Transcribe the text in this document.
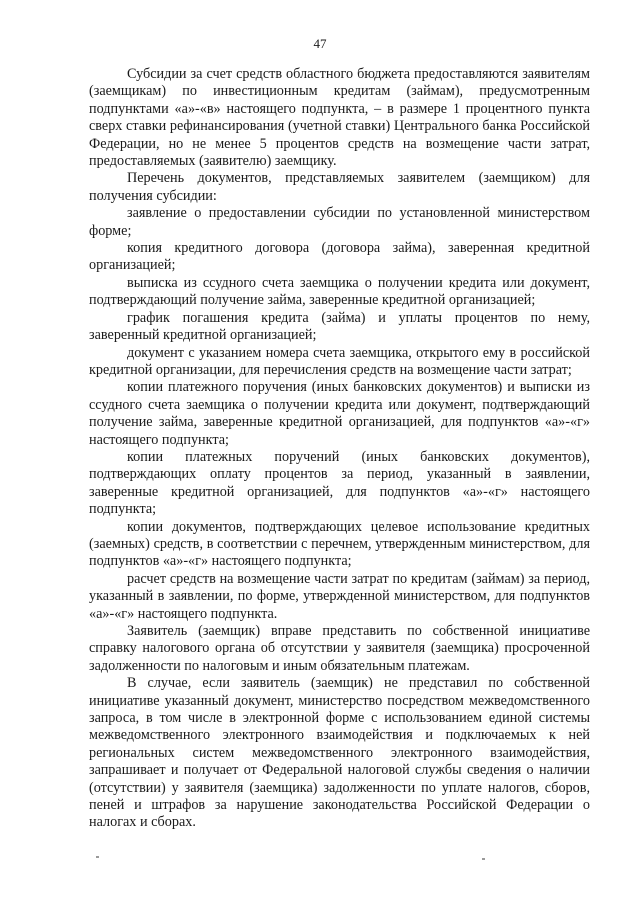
47

Субсидии за счет средств областного бюджета предоставляются заявителям (заемщикам) по инвестиционным кредитам (займам), предусмотренным подпунктами «а»-«в» настоящего подпункта, – в размере 1 процентного пункта сверх ставки рефинансирования (учетной ставки) Центрального банка Российской Федерации, но не менее 5 процентов средств на возмещение части затрат, предоставляемых (заявителю) заемщику.

Перечень документов, представляемых заявителем (заемщиком) для получения субсидии:

заявление о предоставлении субсидии по установленной министерством форме;

копия кредитного договора (договора займа), заверенная кредитной организацией;

выписка из ссудного счета заемщика о получении кредита или документ, подтверждающий получение займа, заверенные кредитной организацией;

график погашения кредита (займа) и уплаты процентов по нему, заверенный кредитной организацией;

документ с указанием номера счета заемщика, открытого ему в российской кредитной организации, для перечисления средств на возмещение части затрат;

копии платежного поручения (иных банковских документов) и выписки из ссудного счета заемщика о получении кредита или документ, подтверждающий получение займа, заверенные кредитной организацией, для подпунктов «а»-«г» настоящего подпункта;

копии платежных поручений (иных банковских документов), подтверждающих оплату процентов за период, указанный в заявлении, заверенные кредитной организацией, для подпунктов «а»-«г» настоящего подпункта;

копии документов, подтверждающих целевое использование кредитных (заемных) средств, в соответствии с перечнем, утвержденным министерством, для подпунктов «а»-«г» настоящего подпункта;

расчет средств на возмещение части затрат по кредитам (займам) за период, указанный в заявлении, по форме, утвержденной министерством, для подпунктов «а»-«г» настоящего подпункта.

Заявитель (заемщик) вправе представить по собственной инициативе справку налогового органа об отсутствии у заявителя (заемщика) просроченной задолженности по налоговым и иным обязательным платежам.

В случае, если заявитель (заемщик) не представил по собственной инициативе указанный документ, министерство посредством межведомственного запроса, в том числе в электронной форме с использованием единой системы межведомственного электронного взаимодействия и подключаемых к ней региональных систем межведомственного электронного взаимодействия, запрашивает и получает от Федеральной налоговой службы сведения о наличии (отсутствии) у заявителя (заемщика) задолженности по уплате налогов, сборов, пеней и штрафов за нарушение законодательства Российской Федерации о налогах и сборах.
